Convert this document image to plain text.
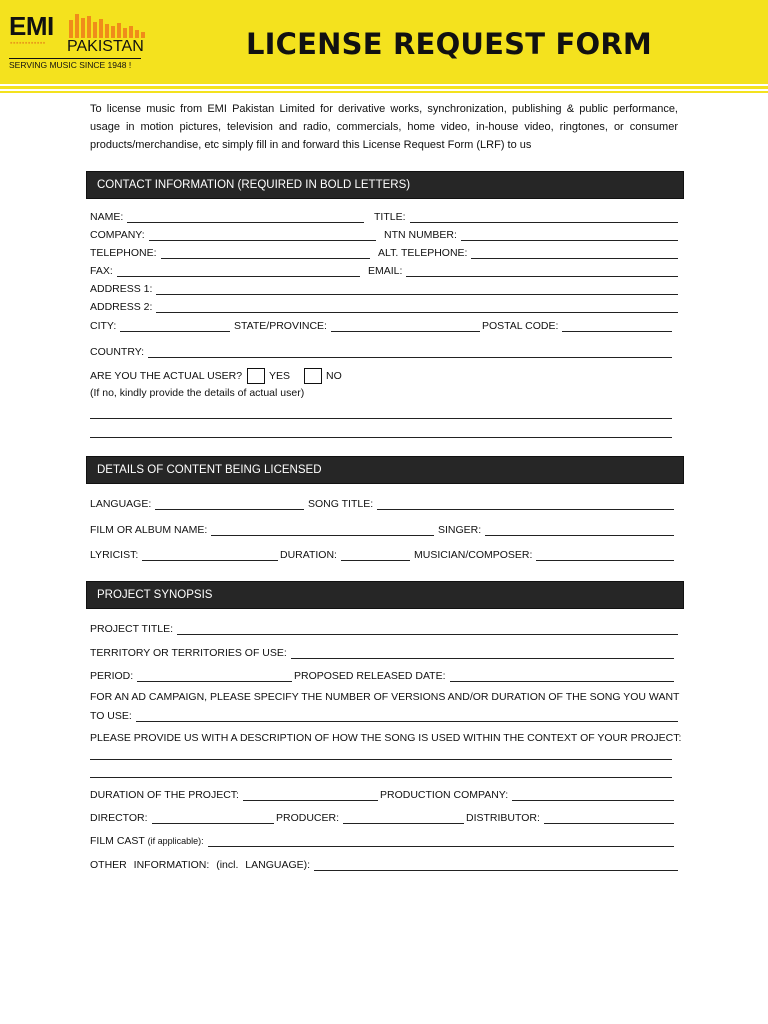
EMI
▪▪▪▪▪▪▪▪▪▪▪▪ PAKISTAN
SERVING MUSIC SINCE 1948 !
LICENSE REQUEST FORM
To license music from EMI Pakistan Limited for derivative works, synchronization, publishing & public performance, usage in motion pictures, television and radio, commercials, home video, in-house video, ringtones, or consumer products/merchandise, etc simply fill in and forward this License Request Form (LRF) to us
CONTACT INFORMATION (REQUIRED IN BOLD LETTERS)
NAME:	TITLE:
COMPANY:	NTN NUMBER:
TELEPHONE:	ALT. TELEPHONE:
FAX:	EMAIL:
ADDRESS 1:
ADDRESS 2:
CITY:	STATE/PROVINCE:	POSTAL CODE:
COUNTRY:
ARE YOU THE ACTUAL USER?	YES	NO
(If no, kindly provide the details of actual user)
DETAILS OF CONTENT BEING LICENSED
LANGUAGE:	SONG TITLE:
FILM OR ALBUM NAME:	SINGER:
LYRICIST:	DURATION:	MUSICIAN/COMPOSER:
PROJECT SYNOPSIS
PROJECT TITLE:
TERRITORY OR TERRITORIES OF USE:
PERIOD:	PROPOSED RELEASED DATE:
FOR AN AD CAMPAIGN, PLEASE SPECIFY THE NUMBER OF VERSIONS AND/OR DURATION OF THE SONG YOU WANT
TO USE:
PLEASE PROVIDE US WITH A DESCRIPTION OF HOW THE SONG IS USED WITHIN THE CONTEXT OF YOUR PROJECT:
DURATION OF THE PROJECT:	PRODUCTION COMPANY:
DIRECTOR:	PRODUCER:	DISTRIBUTOR:
FILM CAST (if applicable):
OTHER INFORMATION: (incl. LANGUAGE):
